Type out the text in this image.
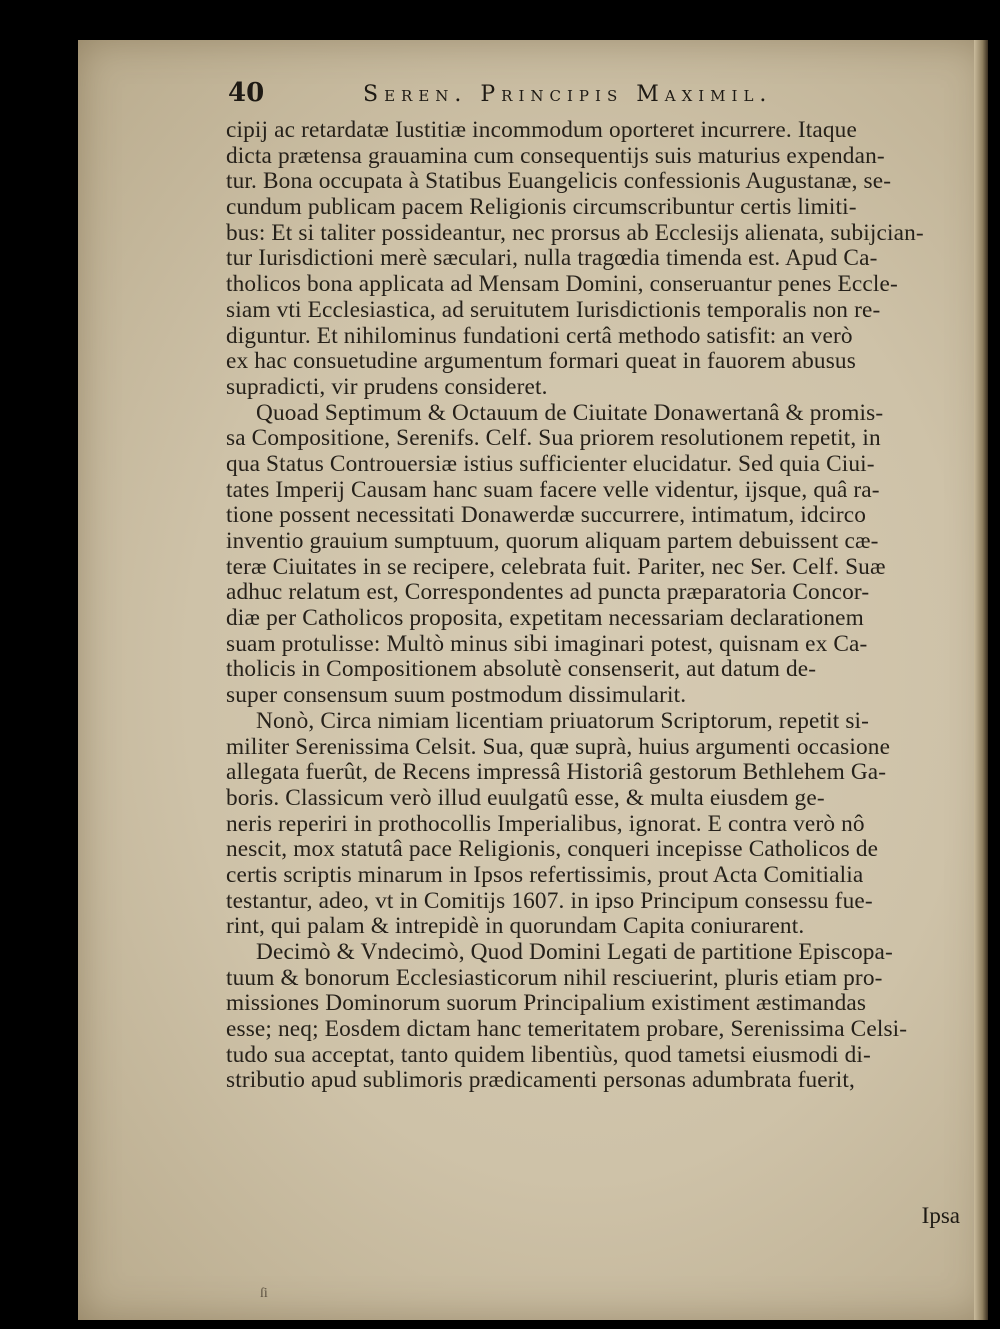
40	Seren. Principis Maximil.
cipij ac retardatæ Iustitiæ incommodum oporteret incurrere. Itaque
dicta prætensa grauamina cum consequentijs suis maturius expendan-
tur. Bona occupata à Statibus Euangelicis confessionis Augustanæ, se-
cundum publicam pacem Religionis circumscribuntur certis limiti-
bus: Et si taliter possideantur, nec prorsus ab Ecclesijs alienata, subijcian-
tur Iurisdictioni merè sæculari, nulla tragœdia timenda est. Apud Ca-
tholicos bona applicata ad Mensam Domini, conseruantur penes Eccle-
siam vti Ecclesiastica, ad seruitutem Iurisdictionis temporalis non re-
diguntur. Et nihilominus fundationi certâ methodo satisfit: an verò
ex hac consuetudine argumentum formari queat in fauorem abusus
supradicti, vir prudens consideret.
Quoad Septimum & Octauum de Ciuitate Donawertanâ & promis-
sa Compositione, Serenifs. Celf. Sua priorem resolutionem repetit, in
qua Status Controuersiæ istius sufficienter elucidatur. Sed quia Ciui-
tates Imperij Causam hanc suam facere velle videntur, ijsque, quâ ra-
tione possent necessitati Donawerdæ succurrere, intimatum, idcirco
inventio grauium sumptuum, quorum aliquam partem debuissent cæ-
teræ Ciuitates in se recipere, celebrata fuit. Pariter, nec Ser. Celf. Suæ
adhuc relatum est, Correspondentes ad puncta præparatoria Concor-
diæ per Catholicos proposita, expetitam necessariam declarationem
suam protulisse: Multò minus sibi imaginari potest, quisnam ex Ca-
tholicis in Compositionem absolutè consenserit, aut datum de-
super consensum suum postmodum dissimularit.
Nonò, Circa nimiam licentiam priuatorum Scriptorum, repetit si-
militer Serenissima Celsit. Sua, quæ suprà, huius argumenti occasione
allegata fuerût, de Recens impressâ Historiâ gestorum Bethlehem Ga-
boris. Classicum verò illud euulgatû esse, & multa eiusdem ge-
neris reperiri in prothocollis Imperialibus, ignorat. E contra verò nô
nescit, mox statutâ pace Religionis, conqueri incepisse Catholicos de
certis scriptis minarum in Ipsos refertissimis, prout Acta Comitialia
testantur, adeo, vt in Comitijs 1607. in ipso Principum consessu fue-
rint, qui palam & intrepidè in quorundam Capita coniurarent.
Decimò & Vndecimò, Quod Domini Legati de partitione Episcopa-
tuum & bonorum Ecclesiasticorum nihil resciuerint, pluris etiam pro-
missiones Dominorum suorum Principalium existiment æstimandas
esse; neq; Eosdem dictam hanc temeritatem probare, Serenissima Celsi-
tudo sua acceptat, tanto quidem libentiùs, quod tametsi eiusmodi di-
stributio apud sublimoris prædicamenti personas adumbrata fuerit,
Ipsa
ſi
